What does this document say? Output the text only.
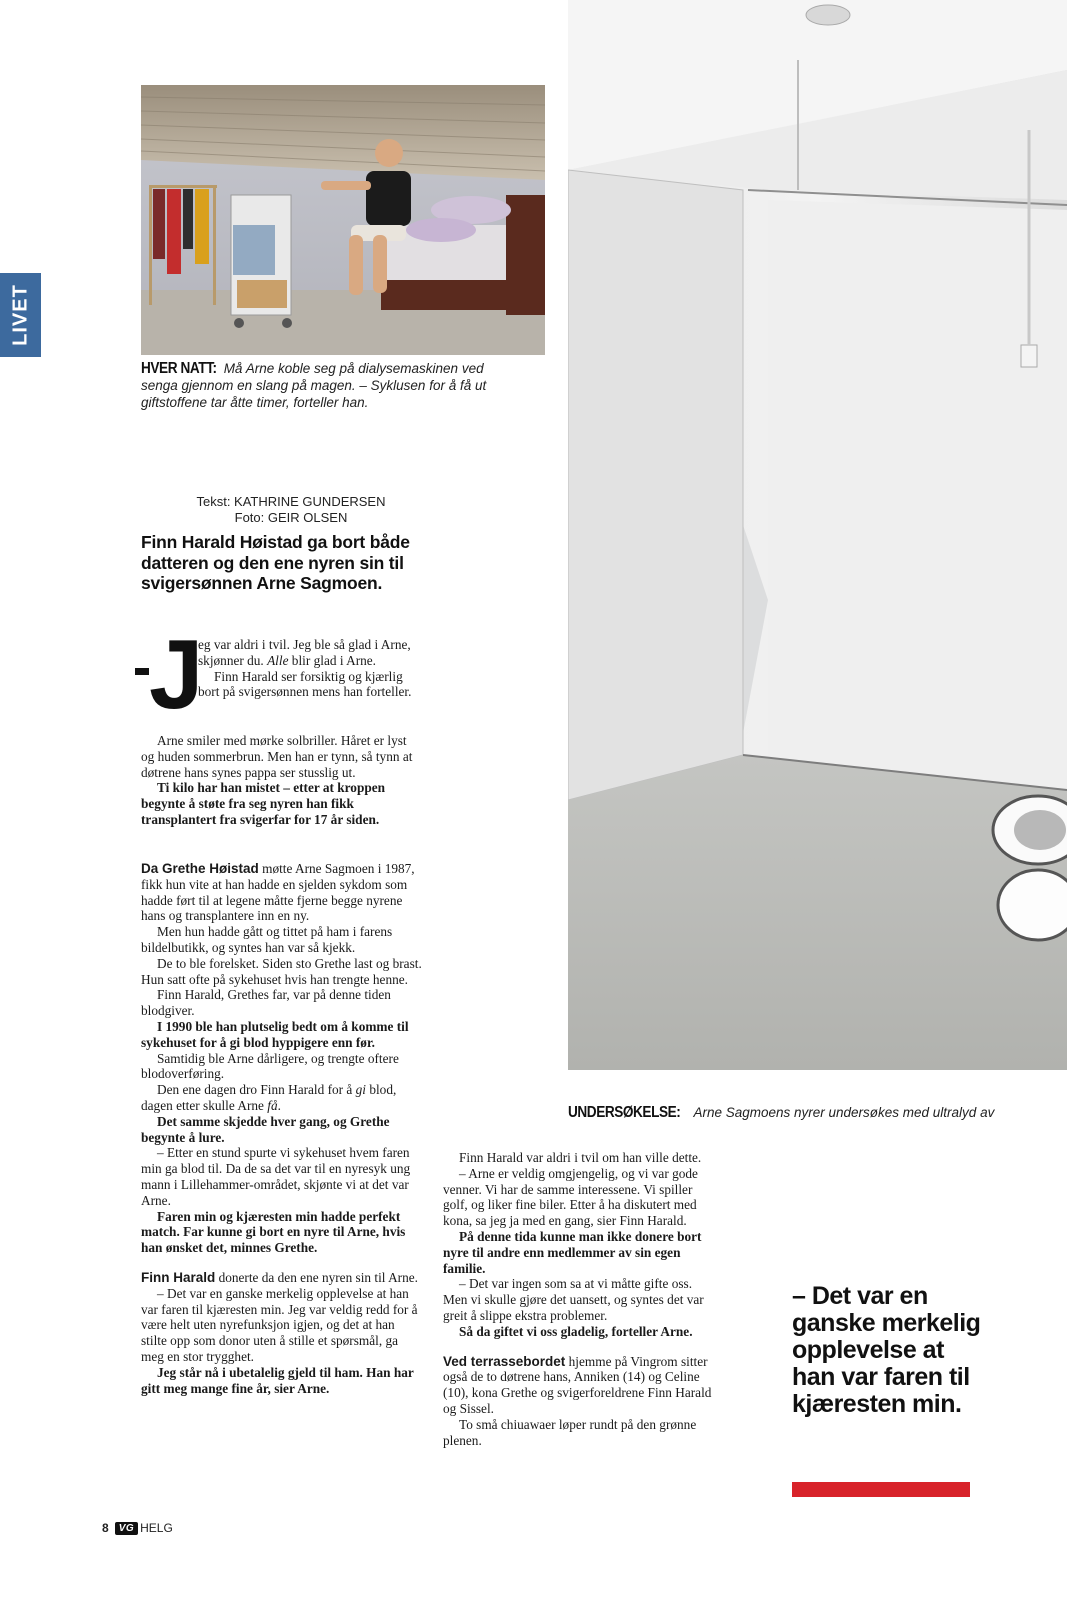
LIVET
HVER NATT: Må Arne koble seg på dialysemaskinen ved senga gjennom en slang på magen. – Syklusen for å få ut giftstoffene tar åtte timer, forteller han.
Tekst: KATHRINE GUNDERSEN
Foto: GEIR OLSEN
Finn Harald Høistad ga bort både datteren og den ene nyren sin til svigersønnen Arne Sagmoen.
J

eg var aldri i tvil. Jeg ble så glad i Arne, skjønner du. Alle blir glad i Arne.

Finn Harald ser forsiktig og kjærlig bort på svigersønnen mens han forteller.

Arne smiler med mørke solbriller. Håret er lyst og huden sommerbrun. Men han er tynn, så tynn at døtrene hans synes pappa ser stusslig ut.

Ti kilo har han mistet – etter at kroppen begynte å støte fra seg nyren han fikk transplantert fra svigerfar for 17 år siden.

Da Grethe Høistad møtte Arne Sagmoen i 1987, fikk hun vite at han hadde en sjelden sykdom som hadde ført til at legene måtte fjerne begge nyrene hans og transplantere inn en ny.

Men hun hadde gått og tittet på ham i farens bildelbutikk, og syntes han var så kjekk.

De to ble forelsket. Siden sto Grethe last og brast. Hun satt ofte på sykehuset hvis han trengte henne.

Finn Harald, Grethes far, var på denne tiden blodgiver.

I 1990 ble han plutselig bedt om å komme til sykehuset for å gi blod hyppigere enn før.

Samtidig ble Arne dårligere, og trengte oftere blodoverføring.

Den ene dagen dro Finn Harald for å gi blod, dagen etter skulle Arne få.

Det samme skjedde hver gang, og Grethe begynte å lure.

– Etter en stund spurte vi sykehuset hvem faren min ga blod til. Da de sa det var til en nyresyk ung mann i Lillehammer-området, skjønte vi at det var Arne.

Faren min og kjæresten min hadde perfekt match. Far kunne gi bort en nyre til Arne, hvis han ønsket det, minnes Grethe.

Finn Harald donerte da den ene nyren sin til Arne.

– Det var en ganske merkelig opplevelse at han var faren til kjæresten min. Jeg var veldig redd for å være helt uten nyrefunksjon igjen, og det at han stilte opp som donor uten å stille et spørsmål, ga meg en stor trygghet.

Jeg står nå i ubetalelig gjeld til ham. Han har gitt meg mange fine år, sier Arne.

UNDERSØKELSE: Arne Sagmoens nyrer undersøkes med ultralyd av

Finn Harald var aldri i tvil om han ville dette.

– Arne er veldig omgjengelig, og vi var gode venner. Vi har de samme interessene. Vi spiller golf, og liker fine biler. Etter å ha diskutert med kona, sa jeg ja med en gang, sier Finn Harald.

På denne tida kunne man ikke donere bort nyre til andre enn medlemmer av sin egen familie.

– Det var ingen som sa at vi måtte gifte oss. Men vi skulle gjøre det uansett, og syntes det var greit å slippe ekstra problemer.

Så da giftet vi oss gladelig, forteller Arne.

Ved terrassebordet hjemme på Vingrom sitter også de to døtrene hans, Anniken (14) og Celine (10), kona Grethe og svigerforeldrene Finn Harald og Sissel.

To små chiuawaer løper rundt på den grønne plenen.

– Det var en ganske merkelig opplevelse at han var faren til kjæresten min.
8	VG HELG
